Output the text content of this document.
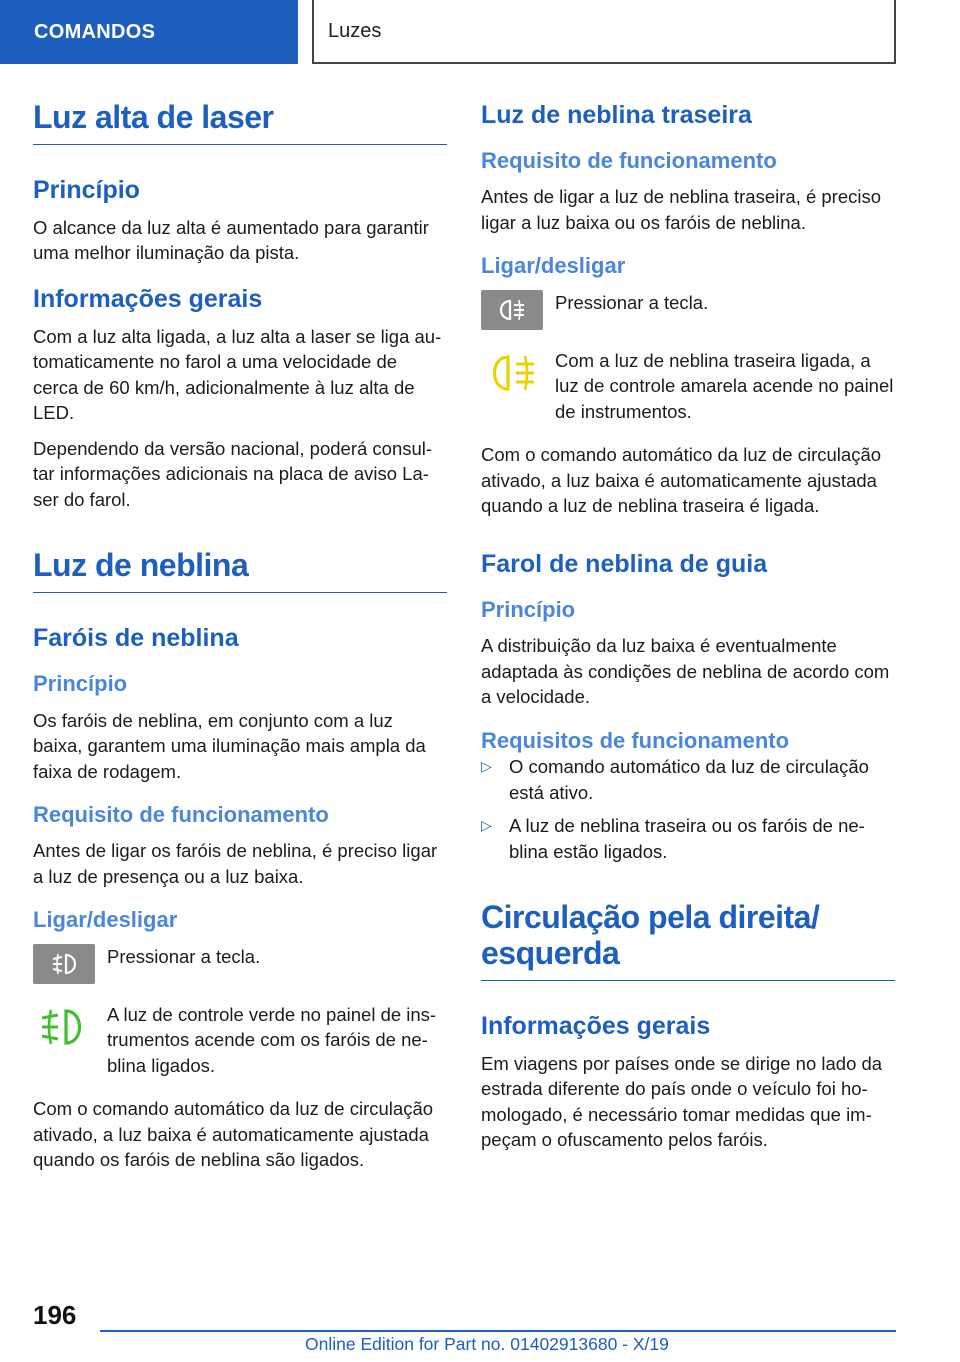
COMANDOS	Luzes
Luz alta de laser
Princípio

O alcance da luz alta é aumentado para garantir uma melhor iluminação da pista.

Informações gerais

Com a luz alta ligada, a luz alta a laser se liga au-tomaticamente no farol a uma velocidade de cerca de 60 km/h, adicionalmente à luz alta de LED.

Dependendo da versão nacional, poderá consul-tar informações adicionais na placa de aviso La-ser do farol.

Luz de neblina
Faróis de neblina
Princípio

Os faróis de neblina, em conjunto com a luz baixa, garantem uma iluminação mais ampla da faixa de rodagem.

Requisito de funcionamento

Antes de ligar os faróis de neblina, é preciso ligar a luz de presença ou a luz baixa.

Ligar/desligar

Pressionar a tecla.

A luz de controle verde no painel de ins-trumentos acende com os faróis de ne-blina ligados.

Com o comando automático da luz de circulação ativado, a luz baixa é automaticamente ajustada quando os faróis de neblina são ligados.

Luz de neblina traseira
Requisito de funcionamento

Antes de ligar a luz de neblina traseira, é preciso ligar a luz baixa ou os faróis de neblina.

Ligar/desligar

Pressionar a tecla.

Com a luz de neblina traseira ligada, a luz de controle amarela acende no painel de instrumentos.

Com o comando automático da luz de circulação ativado, a luz baixa é automaticamente ajustada quando a luz de neblina traseira é ligada.

Farol de neblina de guia
Princípio

A distribuição da luz baixa é eventualmente adaptada às condições de neblina de acordo com a velocidade.

Requisitos de funcionamento
▷ O comando automático da luz de circulação está ativo.
▷ A luz de neblina traseira ou os faróis de ne-blina estão ligados.
Circulação pela direita/ esquerda
Informações gerais

Em viagens por países onde se dirige no lado da estrada diferente do país onde o veículo foi ho-mologado, é necessário tomar medidas que im-peçam o ofuscamento pelos faróis.

196
Online Edition for Part no. 01402913680 - X/19
